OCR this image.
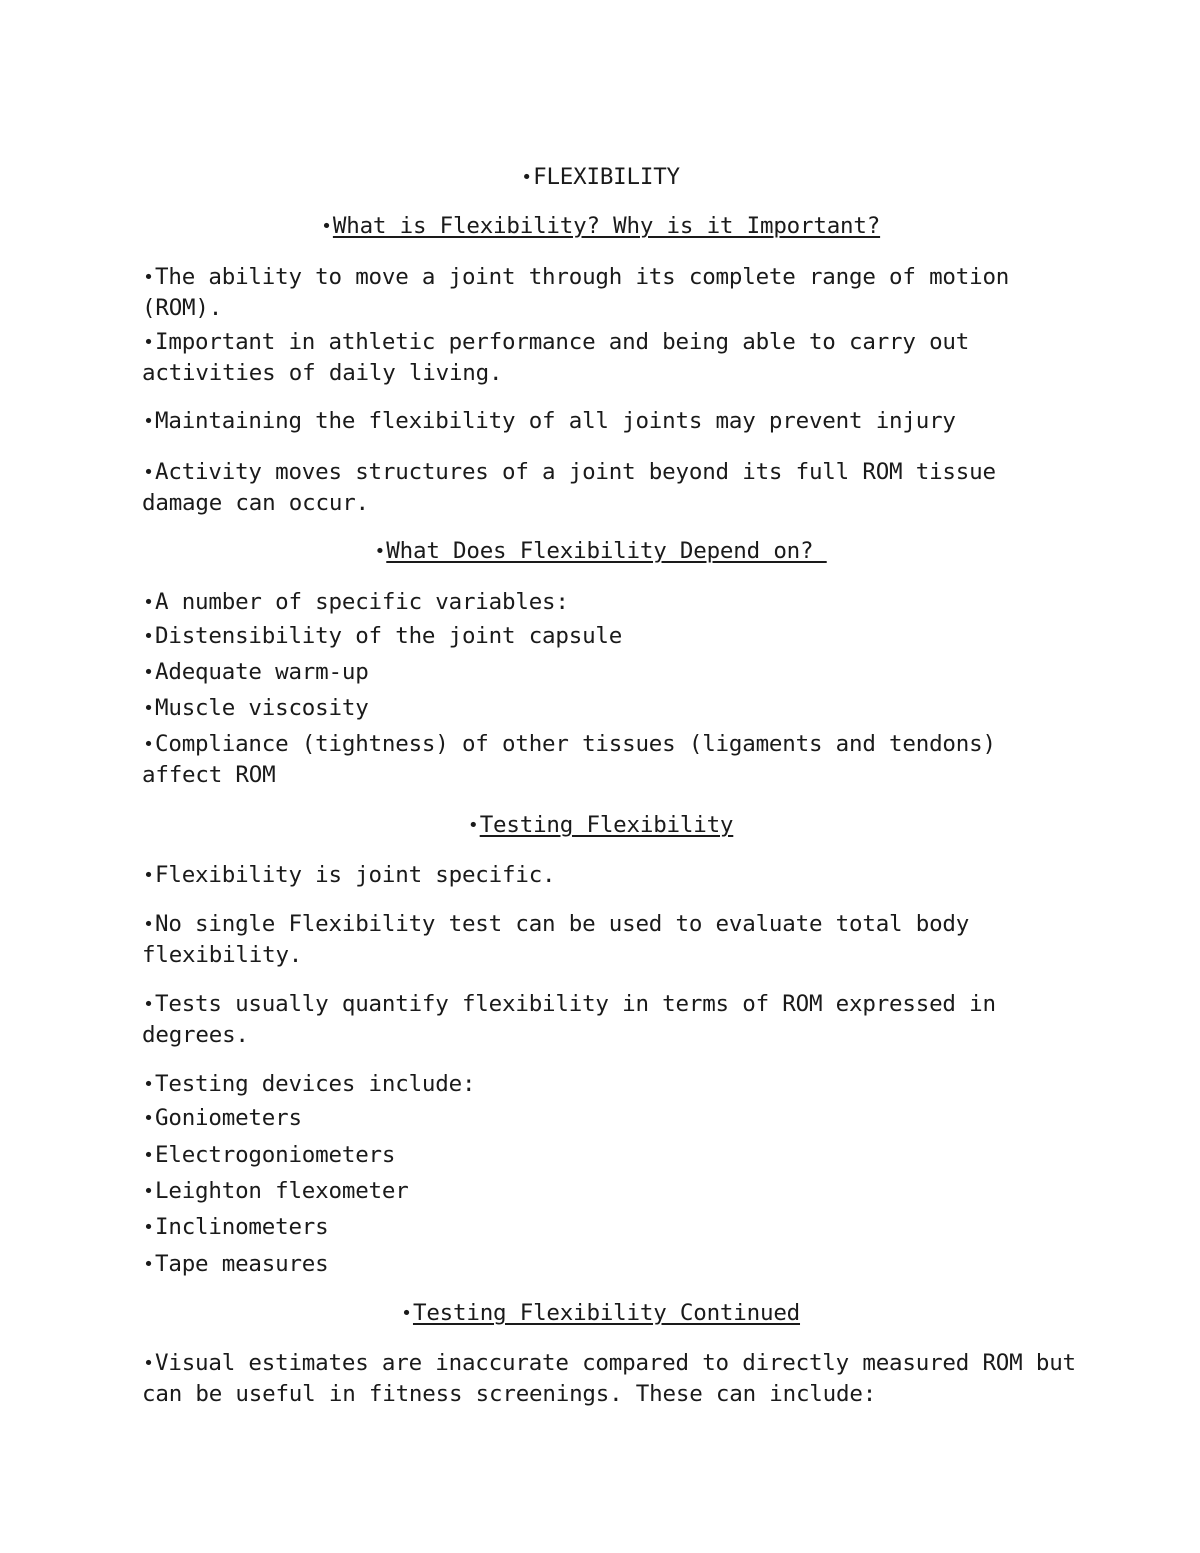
•FLEXIBILITY

•What is Flexibility? Why is it Important?

•The ability to move a joint through its complete range of motion (ROM).

•Important in athletic performance and being able to carry out activities of daily living.

•Maintaining the flexibility of all joints may prevent injury

•Activity moves structures of a joint beyond its full ROM tissue damage can occur.

•What Does Flexibility Depend on?

•A number of specific variables:

•Distensibility of the joint capsule

•Adequate warm-up

•Muscle viscosity

•Compliance (tightness) of other tissues (ligaments and tendons) affect ROM

•Testing Flexibility

•Flexibility is joint specific.

•No single Flexibility test can be used to evaluate total body flexibility.

•Tests usually quantify flexibility in terms of ROM expressed in degrees.

•Testing devices include:

•Goniometers

•Electrogoniometers

•Leighton flexometer

•Inclinometers

•Tape measures

•Testing Flexibility Continued

•Visual estimates are inaccurate compared to directly measured ROM but can be useful in fitness screenings. These can include:
